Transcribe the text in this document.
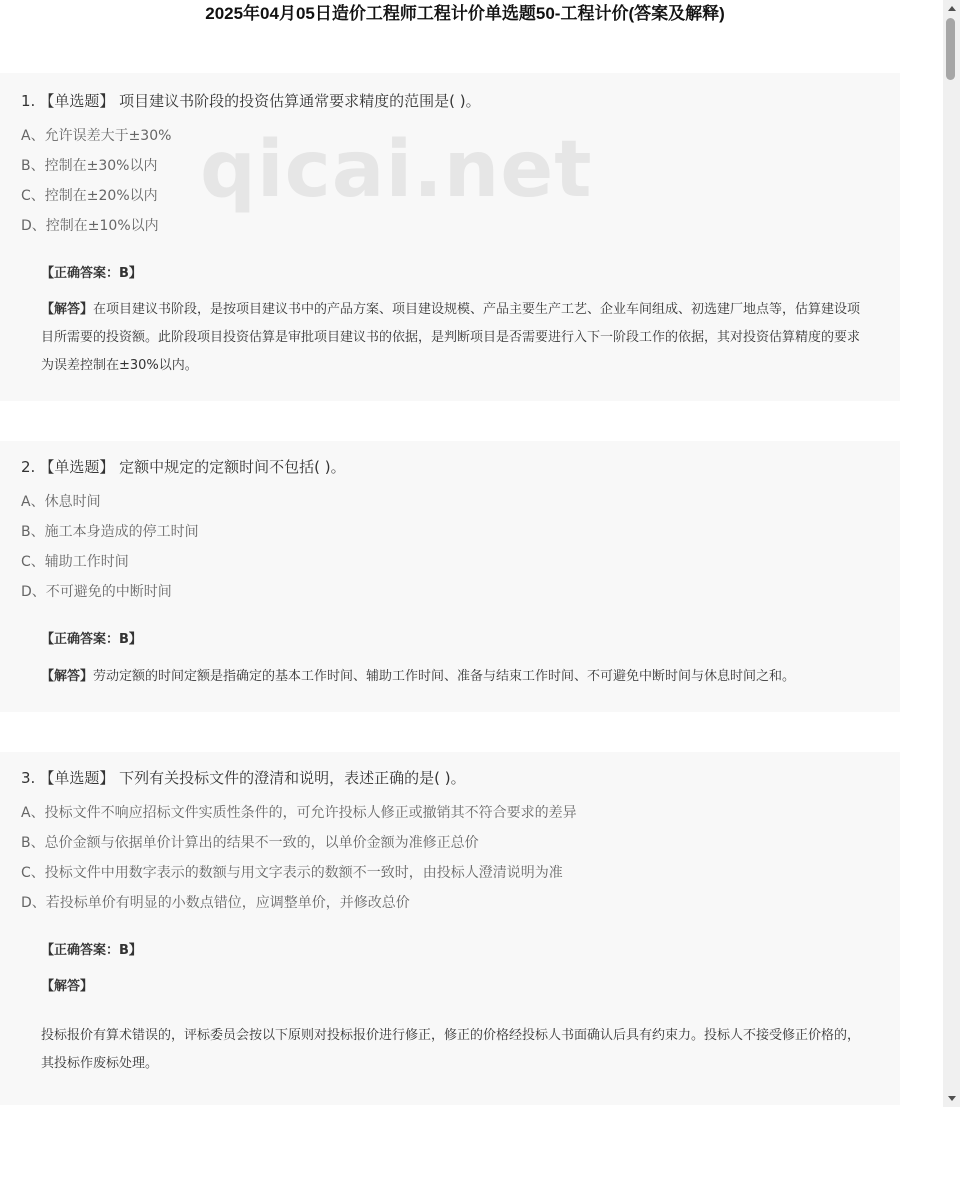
2025年04月05日造价工程师工程计价单选题50-工程计价(答案及解释)
1. 【单选题】 项目建议书阶段的投资估算通常要求精度的范围是( )。
A、允许误差大于±30%
B、控制在±30%以内
C、控制在±20%以内
D、控制在±10%以内
【正确答案：B】
【解答】在项目建议书阶段，是按项目建议书中的产品方案、项目建设规模、产品主要生产工艺、企业车间组成、初选建厂地点等，估算建设项目所需要的投资额。此阶段项目投资估算是审批项目建议书的依据，是判断项目是否需要进行入下一阶段工作的依据，其对投资估算精度的要求为误差控制在±30%以内。
2. 【单选题】 定额中规定的定额时间不包括( )。
A、休息时间
B、施工本身造成的停工时间
C、辅助工作时间
D、不可避免的中断时间
【正确答案：B】
【解答】劳动定额的时间定额是指确定的基本工作时间、辅助工作时间、准备与结束工作时间、不可避免中断时间与休息时间之和。
3. 【单选题】 下列有关投标文件的澄清和说明，表述正确的是( )。
A、投标文件不响应招标文件实质性条件的，可允许投标人修正或撤销其不符合要求的差异
B、总价金额与依据单价计算出的结果不一致的，以单价金额为准修正总价
C、投标文件中用数字表示的数额与用文字表示的数额不一致时，由投标人澄清说明为准
D、若投标单价有明显的小数点错位，应调整单价，并修改总价
【正确答案：B】
【解答】
投标报价有算术错误的，评标委员会按以下原则对投标报价进行修正，修正的价格经投标人书面确认后具有约束力。投标人不接受修正价格的，其投标作废标处理。
qicai.net
